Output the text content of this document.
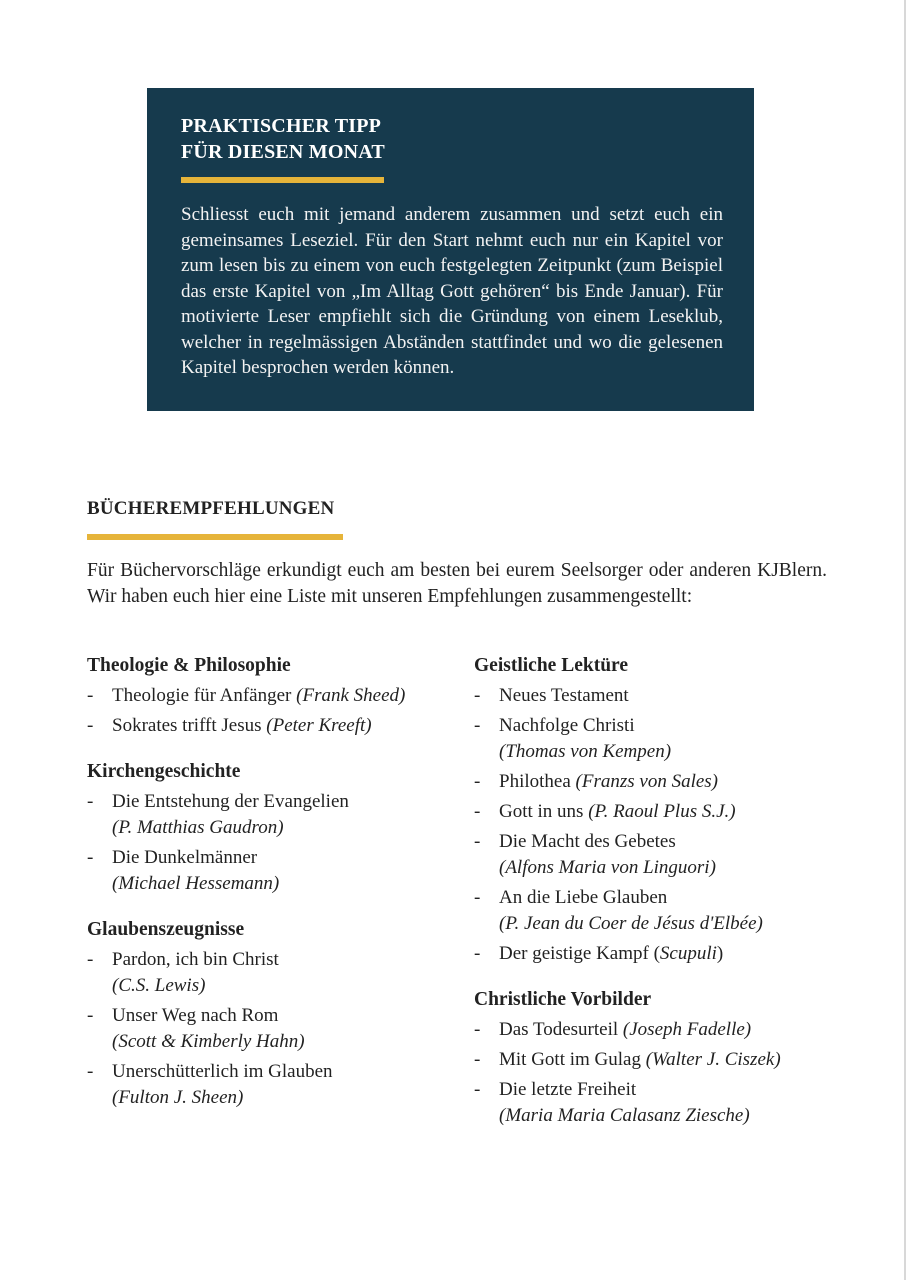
PRAKTISCHER TIPP
FÜR DIESEN MONAT

Schliesst euch mit jemand anderem zusammen und setzt euch ein gemeinsames Leseziel. Für den Start nehmt euch nur ein Kapitel vor zum lesen bis zu einem von euch festgelegten Zeitpunkt (zum Beispiel das erste Kapitel von „Im Alltag Gott gehören“ bis Ende Januar). Für motivierte Leser empfiehlt sich die Gründung von einem Leseklub, welcher in regelmässigen Abständen stattfindet und wo die gelesenen Kapitel besprochen werden können.
BÜCHEREMPFEHLUNGEN
Für Büchervorschläge erkundigt euch am besten bei eurem Seelsorger oder anderen KJBlern. Wir haben euch hier eine Liste mit unseren Empfehlungen zusammengestellt:

Theologie & Philosophie

- Theologie für Anfänger (Frank Sheed)
- Sokrates trifft Jesus (Peter Kreeft)

Kirchengeschichte

- Die Entstehung der Evangelien
(P. Matthias Gaudron)
- Die Dunkelmänner
(Michael Hessemann)

Glaubenszeugnisse

- Pardon, ich bin Christ
(C.S. Lewis)
- Unser Weg nach Rom
(Scott & Kimberly Hahn)
- Unerschütterlich im Glauben
(Fulton J. Sheen)

Geistliche Lektüre

- Neues Testament
- Nachfolge Christi
(Thomas von Kempen)
- Philothea (Franzs von Sales)
- Gott in uns (P. Raoul Plus S.J.)
- Die Macht des Gebetes
(Alfons Maria von Linguori)
- An die Liebe Glauben
(P. Jean du Coer de Jésus d'Elbée)
- Der geistige Kampf (Scupuli)

Christliche Vorbilder

- Das Todesurteil (Joseph Fadelle)
- Mit Gott im Gulag (Walter J. Ciszek)
- Die letzte Freiheit
(Maria Maria Calasanz Ziesche)
